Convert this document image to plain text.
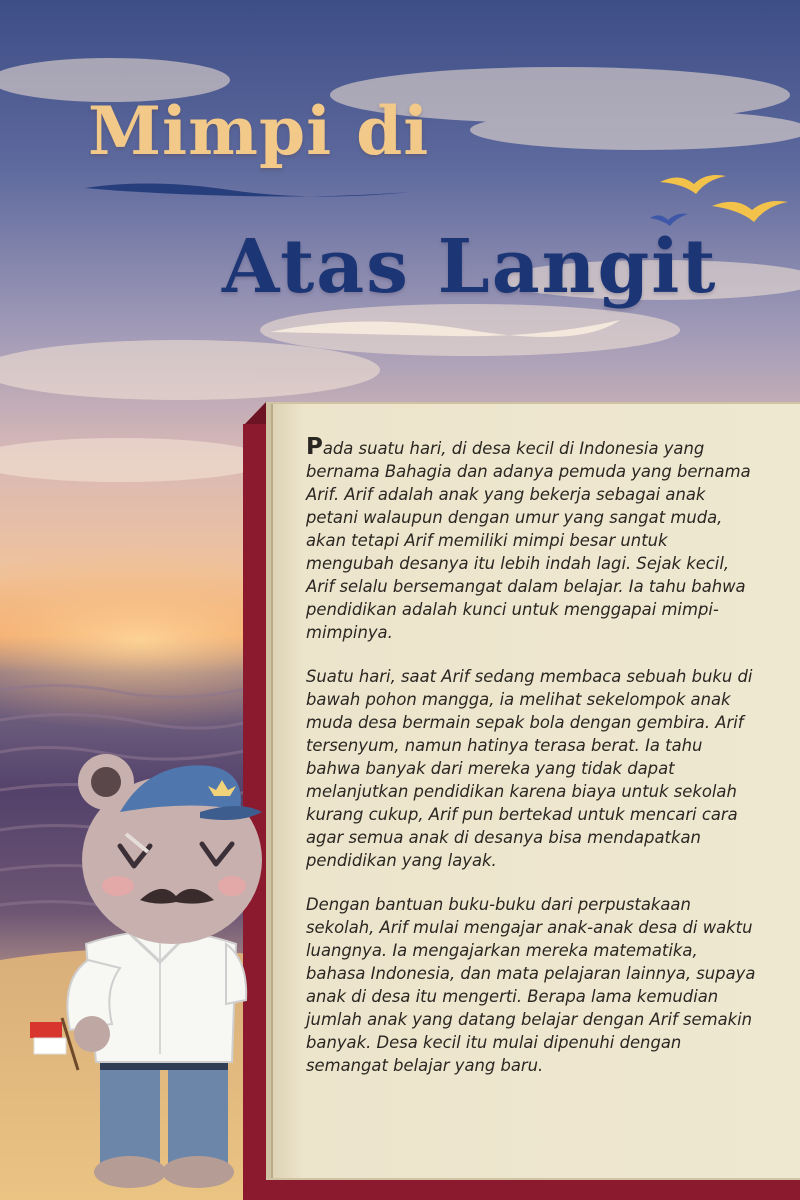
Mimpi di
Atas Langit

Pada suatu hari, di desa kecil di Indonesia yang bernama Bahagia dan adanya pemuda yang bernama Arif. Arif adalah anak yang bekerja sebagai anak petani walaupun dengan umur yang sangat muda, akan tetapi Arif memiliki mimpi besar untuk mengubah desanya itu lebih indah lagi. Sejak kecil, Arif selalu bersemangat dalam belajar. Ia tahu bahwa pendidikan adalah kunci untuk menggapai mimpi-mimpinya.

Suatu hari, saat Arif sedang membaca sebuah buku di bawah pohon mangga, ia melihat sekelompok anak muda desa bermain sepak bola dengan gembira. Arif tersenyum, namun hatinya terasa berat. Ia tahu bahwa banyak dari mereka yang tidak dapat melanjutkan pendidikan karena biaya untuk sekolah kurang cukup, Arif pun bertekad untuk mencari cara agar semua anak di desanya bisa mendapatkan pendidikan yang layak.

Dengan bantuan buku-buku dari perpustakaan sekolah, Arif mulai mengajar anak-anak desa di waktu luangnya. Ia mengajarkan mereka matematika, bahasa Indonesia, dan mata pelajaran lainnya, supaya anak di desa itu mengerti. Berapa lama kemudian jumlah anak yang datang belajar dengan Arif semakin banyak. Desa kecil itu mulai dipenuhi dengan semangat belajar yang baru.
